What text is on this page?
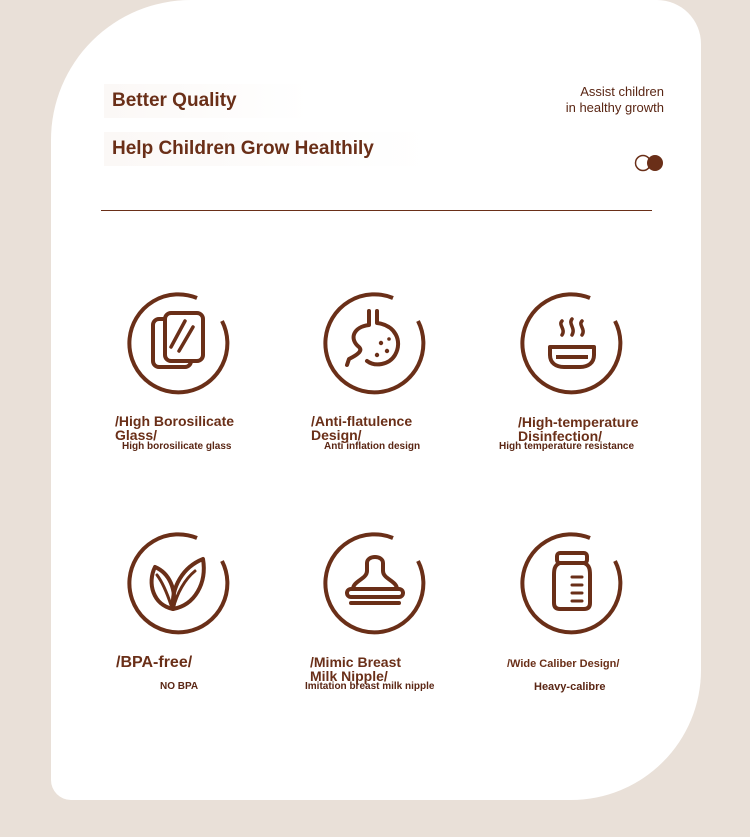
Better Quality
Help Children Grow Healthily
Assist children
in healthy growth
/High Borosilicate
Glass/
High borosilicate glass
/Anti-flatulence
Design/
Anti inflation design
/High-temperature
Disinfection/
High temperature resistance
/BPA-free/
NO BPA
/Mimic Breast
Milk Nipple/
Imitation breast milk nipple
/Wide Caliber Design/
Heavy-calibre
